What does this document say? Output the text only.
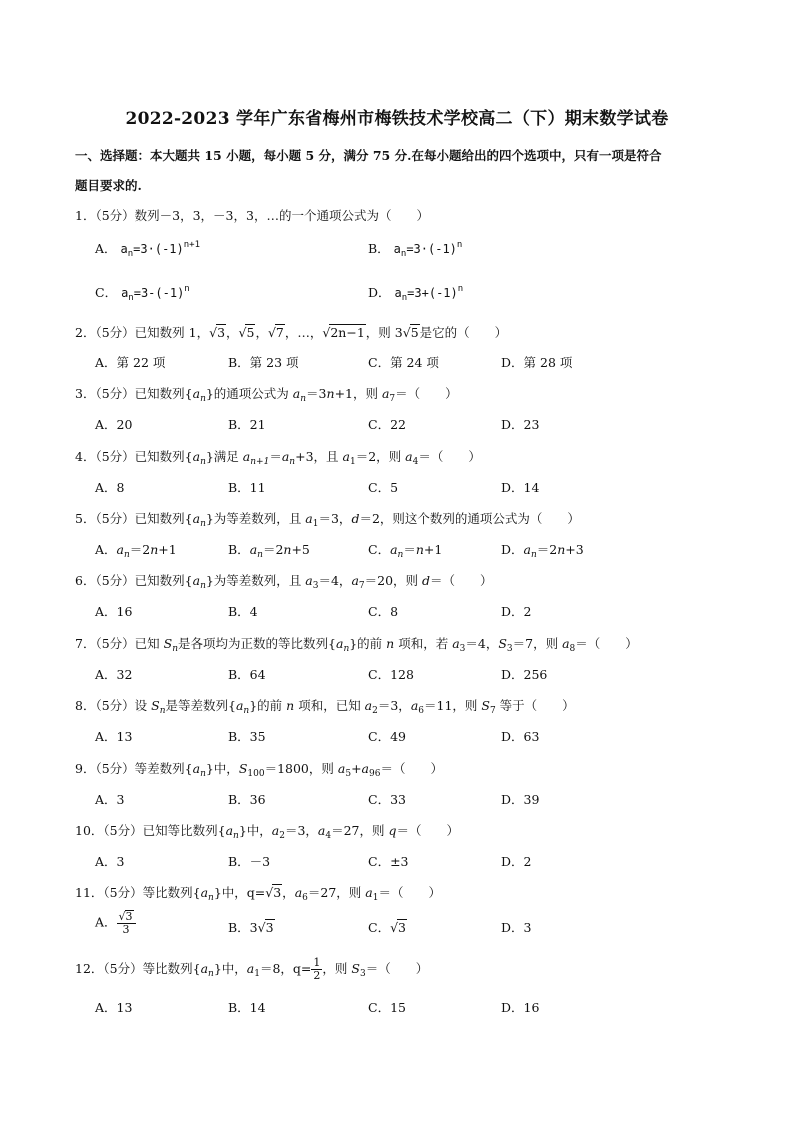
2022-2023 学年广东省梅州市梅铁技术学校高二（下）期末数学试卷
一、选择题：本大题共 15 小题，每小题 5 分，满分 75 分.在每小题给出的四个选项中，只有一项是符合
题目要求的.
1．（5分）数列－3，3，－3，3，…的一个通项公式为（　　）
A． $a_n=3\cdot(-1)^{n+1}$	B． $a_n=3\cdot(-1)^n$
C． $a_n=3-(-1)^n$	D． $a_n=3+(-1)^n$
2．（5分）已知数列 1，√3，√5，√7，…，√2n−1，则 3√5是它的（　　）
A．第 22 项	B．第 23 项	C．第 24 项	D．第 28 项
3．（5分）已知数列$\{a_n\}$的通项公式为 $a_n=3n+1$，则 $a_7=$（　　）
A．20	B．21	C．22	D．23
4．（5分）已知数列$\{a_n\}$满足 $a_{n+1}=a_n+3$，且 $a_1=2$，则 $a_4=$（　　）
A．8	B．11	C．5	D．14
5．（5分）已知数列$\{a_n\}$为等差数列，且 $a_1=3$，d＝2，则这个数列的通项公式为（　　）
A．$a_n=2n+1$	B．$a_n=2n+5$	C．$a_n=n+1$	D．$a_n=2n+3$
6．（5分）已知数列$\{a_n\}$为等差数列，且 $a_3=4$，$a_7=20$，则 d＝（　　）
A．16	B．4	C．8	D．2
7．（5分）已知 $S_n$是各项均为正数的等比数列$\{a_n\}$的前 n 项和，若 $a_3=4$，$S_3=7$，则 $a_8=$（　　）
A．32	B．64	C．128	D．256
8．（5分）设 $S_n$是等差数列$\{a_n\}$的前 n 项和，已知 $a_2=3$，$a_6=11$，则 $S_7$ 等于（　　）
A．13	B．35	C．49	D．63
9．（5分）等差数列$\{a_n\}$中，$S_{100}=1800$，则 $a_5+a_{96}=$（　　）
A．3	B．36	C．33	D．39
10．（5分）已知等比数列$\{a_n\}$中，$a_2=3$，$a_4=27$，则 q＝（　　）
A．3	B．－3	C．±3	D．2
11．（5分）等比数列$\{a_n\}$中，q=√3，$a_6=27$，则 $a_1=$（　　）
A． $\frac{√3}{3}$	B．3√3	C．√3	D．3
12．（5分）等比数列$\{a_n\}$中，$a_1=8$，$q= \frac{1}{2}$ ，则 $S_3=$（　　）
A．13	B．14	C．15	D．16
